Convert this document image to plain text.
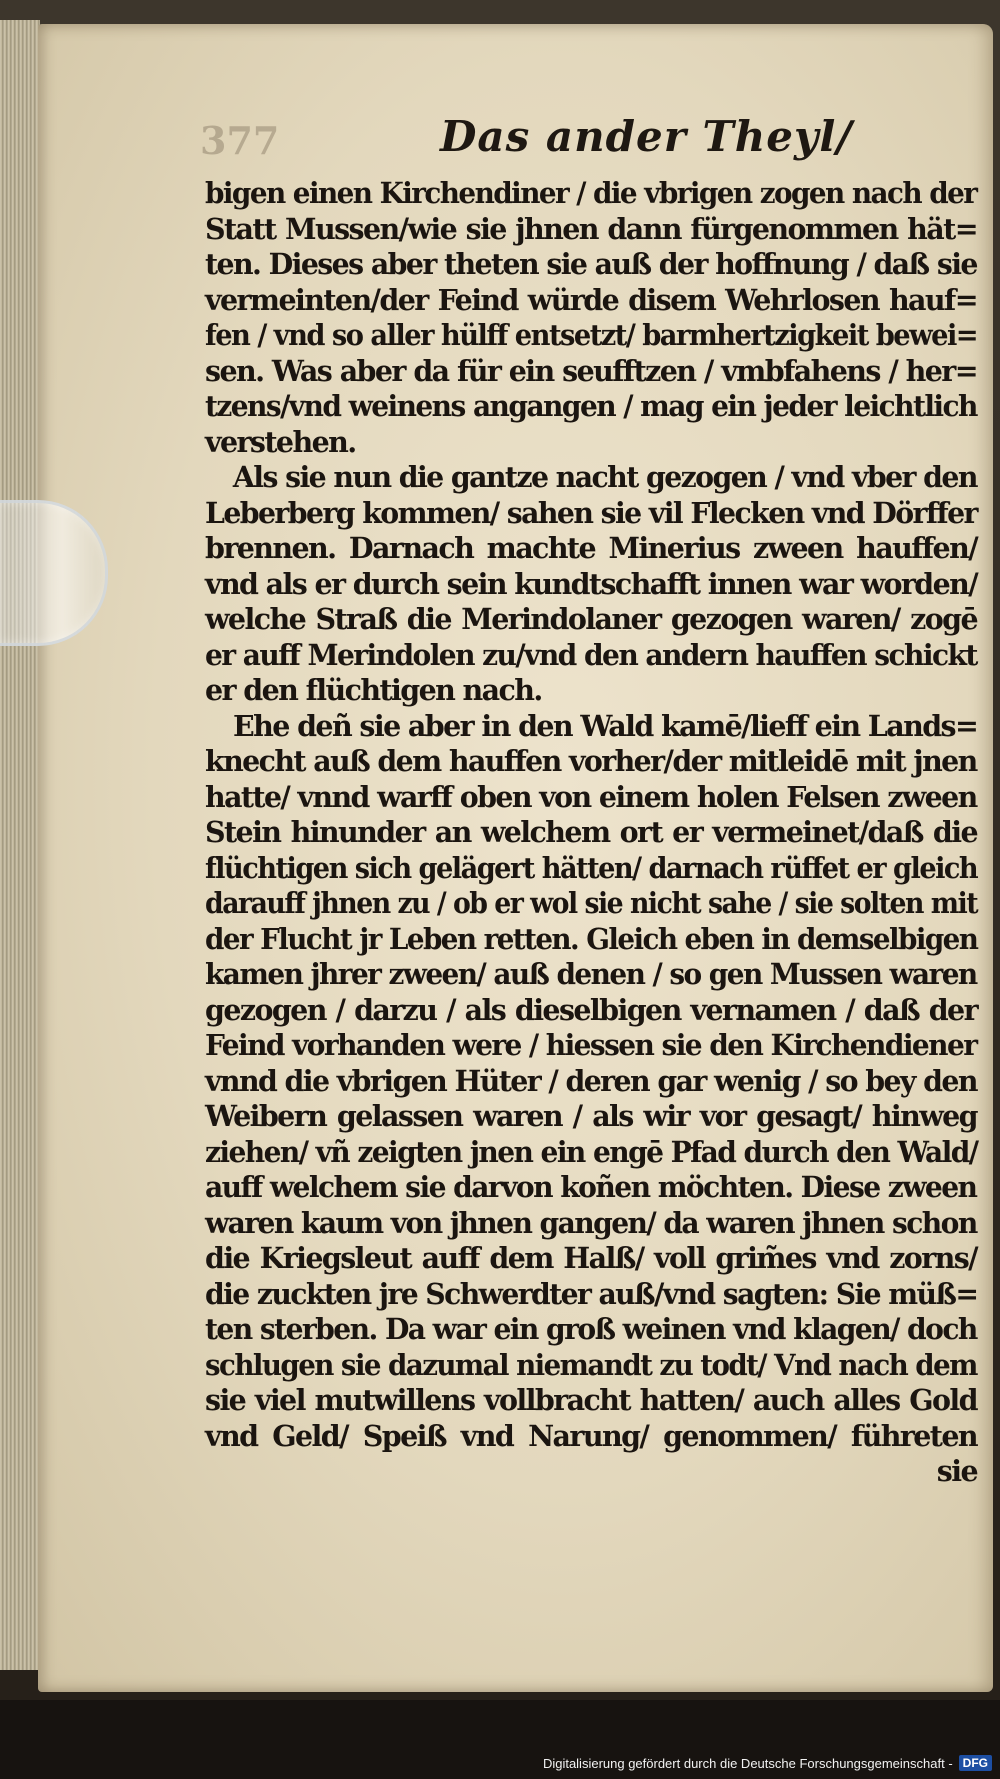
377	Das ander Theyl/
bigen einen Kirchendiner / die vbrigen zogen nach der
Statt Mussen/wie sie jhnen dann fürgenommen hät=
ten. Dieses aber theten sie auß der hoffnung / daß sie
vermeinten/der Feind würde disem Wehrlosen hauf=
fen / vnd so aller hülff entsetzt/ barmhertzigkeit bewei=
sen. Was aber da für ein seufftzen / vmbfahens / her=
tzens/vnd weinens angangen / mag ein jeder leichtlich
verstehen.
Als sie nun die gantze nacht gezogen / vnd vber den
Leberberg kommen/ sahen sie vil Flecken vnd Dörffer
brennen. Darnach machte Minerius zween hauffen/
vnd als er durch sein kundtschafft innen war worden/
welche Straß die Merindolaner gezogen waren/ zogē
er auff Merindolen zu/vnd den andern hauffen schickt
er den flüchtigen nach.
Ehe deñ sie aber in den Wald kamē/lieff ein Lands=
knecht auß dem hauffen vorher/der mitleidē mit jnen
hatte/ vnnd warff oben von einem holen Felsen zween
Stein hinunder an welchem ort er vermeinet/daß die
flüchtigen sich gelägert hätten/ darnach rüffet er gleich
darauff jhnen zu / ob er wol sie nicht sahe / sie solten mit
der Flucht jr Leben retten. Gleich eben in demselbigen
kamen jhrer zween/ auß denen / so gen Mussen waren
gezogen / darzu / als dieselbigen vernamen / daß der
Feind vorhanden were / hiessen sie den Kirchendiener
vnnd die vbrigen Hüter / deren gar wenig / so bey den
Weibern gelassen waren / als wir vor gesagt/ hinweg
ziehen/ vñ zeigten jnen ein engē Pfad durch den Wald/
auff welchem sie darvon koñen möchten. Diese zween
waren kaum von jhnen gangen/ da waren jhnen schon
die Kriegsleut auff dem Halß/ voll grim̃es vnd zorns/
die zuckten jre Schwerdter auß/vnd sagten: Sie müß=
ten sterben. Da war ein groß weinen vnd klagen/ doch
schlugen sie dazumal niemandt zu todt/ Vnd nach dem
sie viel mutwillens vollbracht hatten/ auch alles Gold
vnd Geld/ Speiß vnd Narung/ genommen/ führeten
sie
Digitalisierung gefördert durch die Deutsche Forschungsgemeinschaft - DFG
